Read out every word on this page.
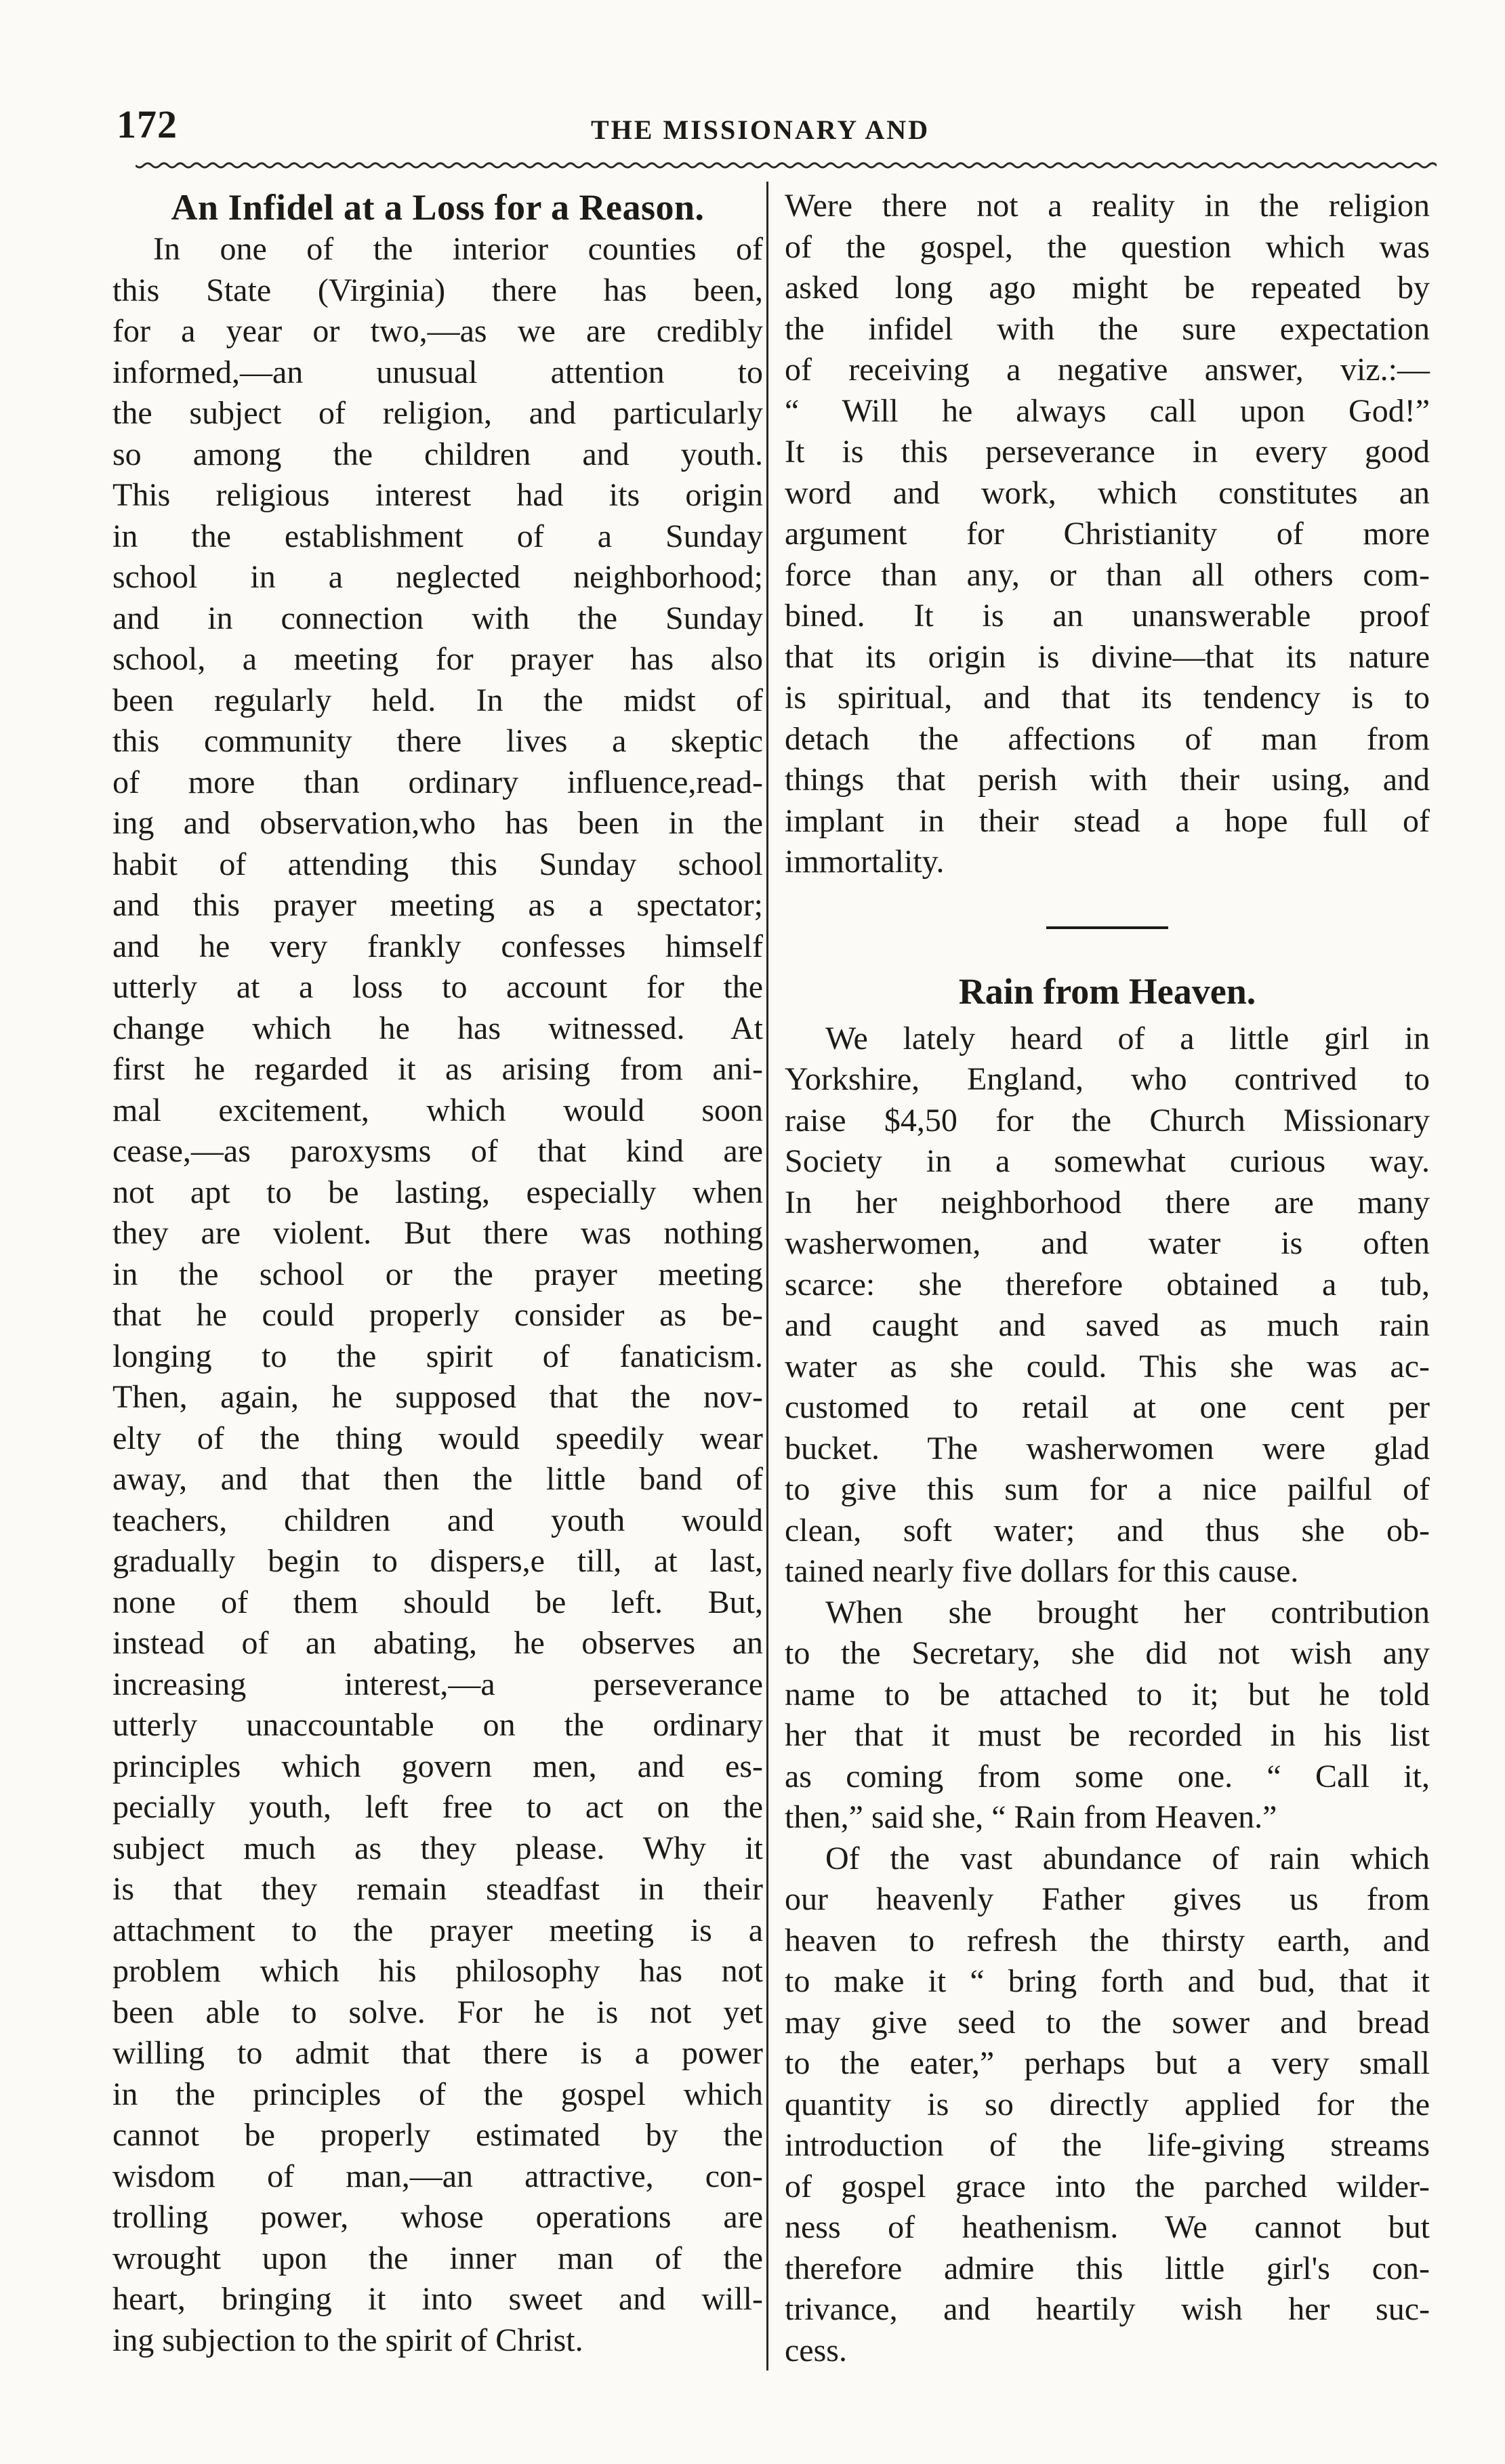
172	THE MISSIONARY AND
An Infidel at a Loss for a Reason.
In one of the interior counties of
this State (Virginia) there has been,
for a year or two,—as we are credibly
informed,—an unusual attention to
the subject of religion, and particularly
so among the children and youth.
This religious interest had its origin
in the establishment of a Sunday
school in a neglected neighborhood;
and in connection with the Sunday
school, a meeting for prayer has also
been regularly held. In the midst of
this community there lives a skeptic
of more than ordinary influence,read-
ing and observation,who has been in the
habit of attending this Sunday school
and this prayer meeting as a spectator;
and he very frankly confesses himself
utterly at a loss to account for the
change which he has witnessed. At
first he regarded it as arising from ani-
mal excitement, which would soon
cease,—as paroxysms of that kind are
not apt to be lasting, especially when
they are violent. But there was nothing
in the school or the prayer meeting
that he could properly consider as be-
longing to the spirit of fanaticism.
Then, again, he supposed that the nov-
elty of the thing would speedily wear
away, and that then the little band of
teachers, children and youth would
gradually begin to dispers,e till, at last,
none of them should be left. But,
instead of an abating, he observes an
increasing interest,—a perseverance
utterly unaccountable on the ordinary
principles which govern men, and es-
pecially youth, left free to act on the
subject much as they please. Why it
is that they remain steadfast in their
attachment to the prayer meeting is a
problem which his philosophy has not
been able to solve. For he is not yet
willing to admit that there is a power
in the principles of the gospel which
cannot be properly estimated by the
wisdom of man,—an attractive, con-
trolling power, whose operations are
wrought upon the inner man of the
heart, bringing it into sweet and will-
ing subjection to the spirit of Christ.
Were there not a reality in the religion
of the gospel, the question which was
asked long ago might be repeated by
the infidel with the sure expectation
of receiving a negative answer, viz.:—
“ Will he always call upon God!”
It is this perseverance in every good
word and work, which constitutes an
argument for Christianity of more
force than any, or than all others com-
bined. It is an unanswerable proof
that its origin is divine—that its nature
is spiritual, and that its tendency is to
detach the affections of man from
things that perish with their using, and
implant in their stead a hope full of
immortality.
Rain from Heaven.
We lately heard of a little girl in
Yorkshire, England, who contrived to
raise $4,50 for the Church Missionary
Society in a somewhat curious way.
In her neighborhood there are many
washerwomen, and water is often
scarce: she therefore obtained a tub,
and caught and saved as much rain
water as she could. This she was ac-
customed to retail at one cent per
bucket. The washerwomen were glad
to give this sum for a nice pailful of
clean, soft water; and thus she ob-
tained nearly five dollars for this cause.
When she brought her contribution
to the Secretary, she did not wish any
name to be attached to it; but he told
her that it must be recorded in his list
as coming from some one. “ Call it,
then,” said she, “ Rain from Heaven.”
Of the vast abundance of rain which
our heavenly Father gives us from
heaven to refresh the thirsty earth, and
to make it “ bring forth and bud, that it
may give seed to the sower and bread
to the eater,” perhaps but a very small
quantity is so directly applied for the
introduction of the life-giving streams
of gospel grace into the parched wilder-
ness of heathenism. We cannot but
therefore admire this little girl's con-
trivance, and heartily wish her suc-
cess.
